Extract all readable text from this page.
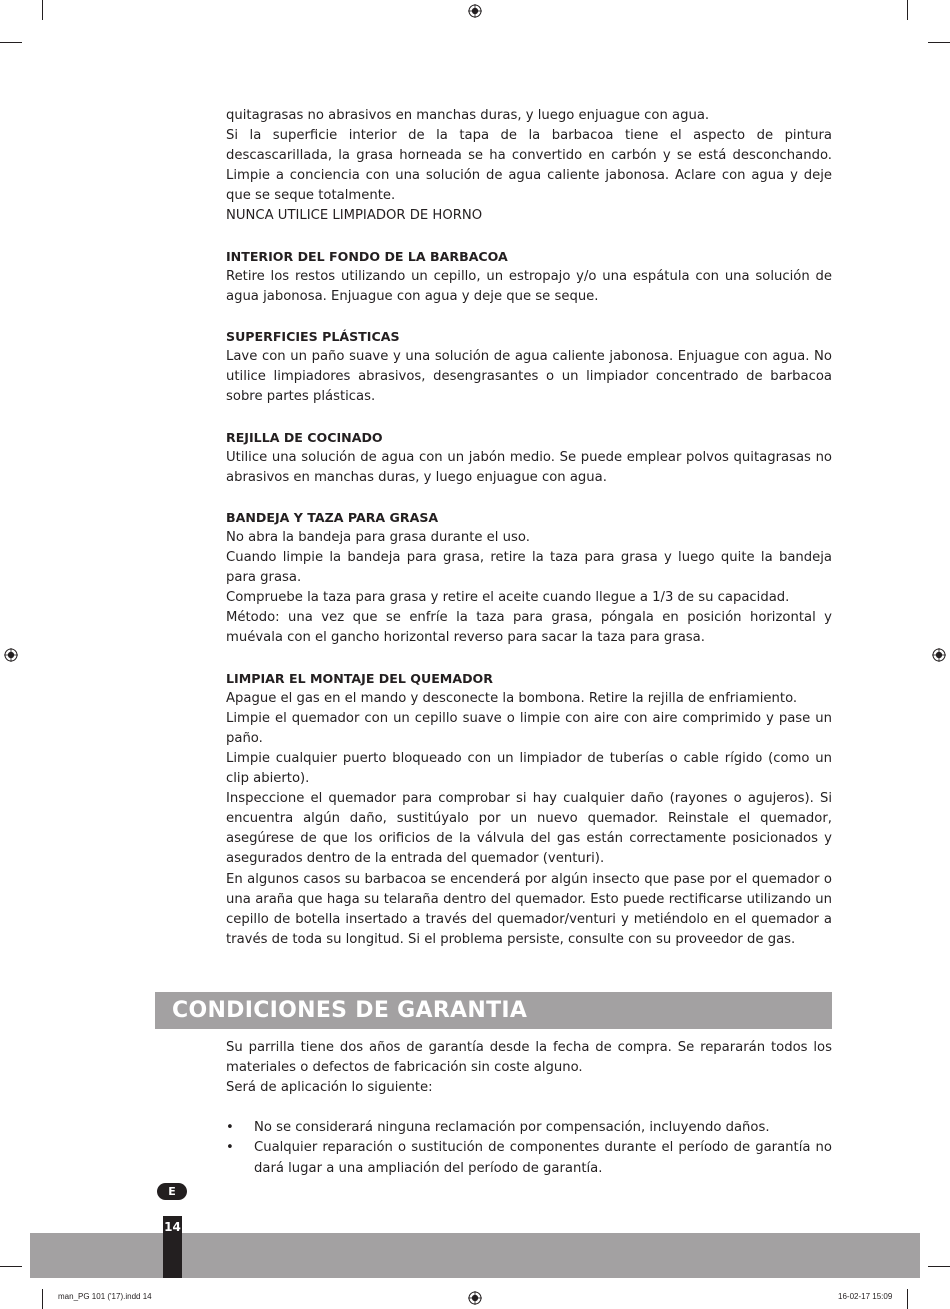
quitagrasas no abrasivos en manchas duras, y luego enjuague con agua.

Si la superficie interior de la tapa de la barbacoa tiene el aspecto de pintura descascarillada, la grasa horneada se ha convertido en carbón y se está desconchando. Limpie a conciencia con una solución de agua caliente jabonosa. Aclare con agua y deje que se seque totalmente.

NUNCA UTILICE LIMPIADOR DE HORNO

INTERIOR DEL FONDO DE LA BARBACOA

Retire los restos utilizando un cepillo, un estropajo y/o una espátula con una solución de agua jabonosa. Enjuague con agua y deje que se seque.

SUPERFICIES PLÁSTICAS

Lave con un paño suave y una solución de agua caliente jabonosa. Enjuague con agua. No utilice limpiadores abrasivos, desengrasantes o un limpiador concentrado de barbacoa sobre partes plásticas.

REJILLA DE COCINADO

Utilice una solución de agua con un jabón medio. Se puede emplear polvos quitagrasas no abrasivos en manchas duras, y luego enjuague con agua.

BANDEJA Y TAZA PARA GRASA

No abra la bandeja para grasa durante el uso.

Cuando limpie la bandeja para grasa, retire la taza para grasa y luego quite la bandeja para grasa.

Compruebe la taza para grasa y retire el aceite cuando llegue a 1/3 de su capacidad.

Método: una vez que se enfríe la taza para grasa, póngala en posición horizontal y muévala con el gancho horizontal reverso para sacar la taza para grasa.

LIMPIAR EL MONTAJE DEL QUEMADOR

Apague el gas en el mando y desconecte la bombona. Retire la rejilla de enfriamiento.

Limpie el quemador con un cepillo suave o limpie con aire con aire comprimido y pase un paño.

Limpie cualquier puerto bloqueado con un limpiador de tuberías o cable rígido (como un clip abierto).

Inspeccione el quemador para comprobar si hay cualquier daño (rayones o agujeros). Si encuentra algún daño, sustitúyalo por un nuevo quemador. Reinstale el quemador, asegúrese de que los orificios de la válvula del gas están correctamente posicionados y asegurados dentro de la entrada del quemador (venturi).

En algunos casos su barbacoa se encenderá por algún insecto que pase por el quemador o una araña que haga su telaraña dentro del quemador. Esto puede rectificarse utilizando un cepillo de botella insertado a través del quemador/venturi y metiéndolo en el quemador a través de toda su longitud. Si el problema persiste, consulte con su proveedor de gas.

CONDICIONES DE GARANTIA

Su parrilla tiene dos años de garantía desde la fecha de compra. Se repararán todos los materiales o defectos de fabricación sin coste alguno.

Será de aplicación lo siguiente:

• No se considerará ninguna reclamación por compensación, incluyendo daños.
• Cualquier reparación o sustitución de componentes durante el período de garantía no dará lugar a una ampliación del período de garantía.
E
14
man_PG 101 ('17).indd 14	16-02-17 15:09
